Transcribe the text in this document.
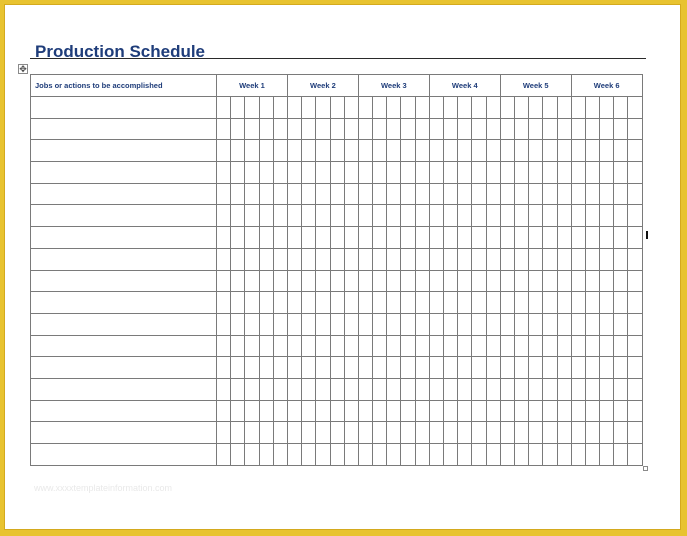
Production Schedule
✥
Jobs or actions to be accomplished	Week 1					Week 2					Week 3					Week 4					Week 5					Week 6				

www.xxxxtemplateinformation.com
